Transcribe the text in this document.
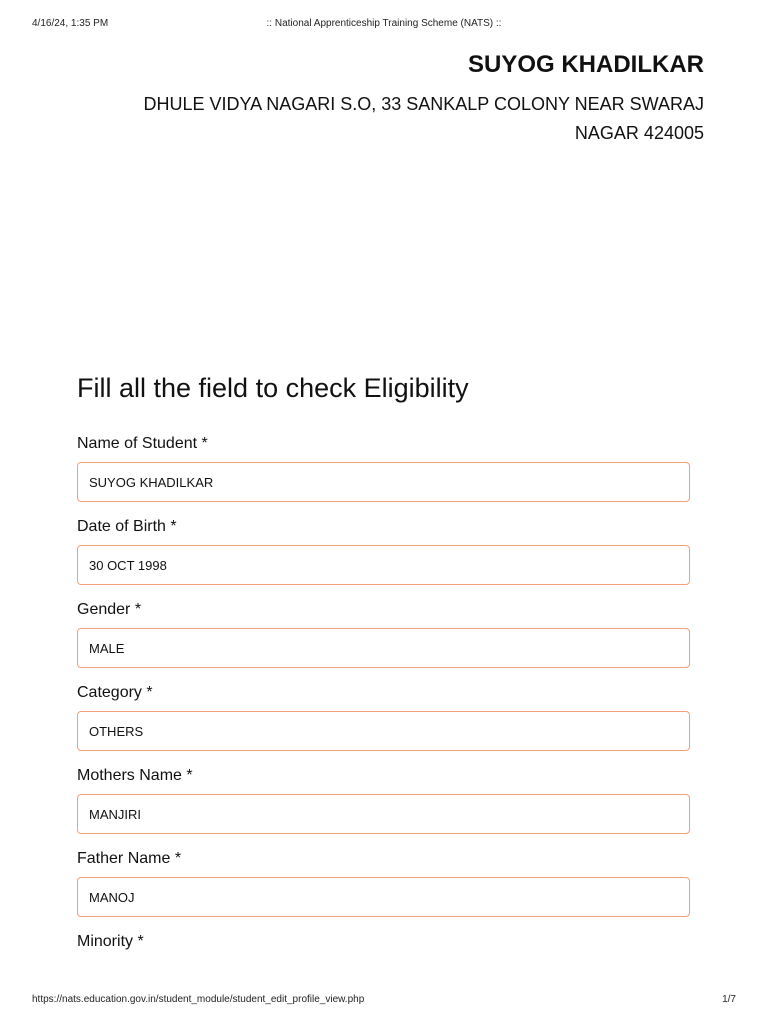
4/16/24, 1:35 PM	:: National Apprenticeship Training Scheme (NATS) ::
SUYOG KHADILKAR
DHULE VIDYA NAGARI S.O, 33 SANKALP COLONY NEAR SWARAJ
NAGAR 424005
Fill all the field to check Eligibility
Name of Student *
SUYOG KHADILKAR
Date of Birth *
30 OCT 1998
Gender *
MALE
Category *
OTHERS
Mothers Name *
MANJIRI
Father Name *
MANOJ
Minority *
https://nats.education.gov.in/student_module/student_edit_profile_view.php	1/7
